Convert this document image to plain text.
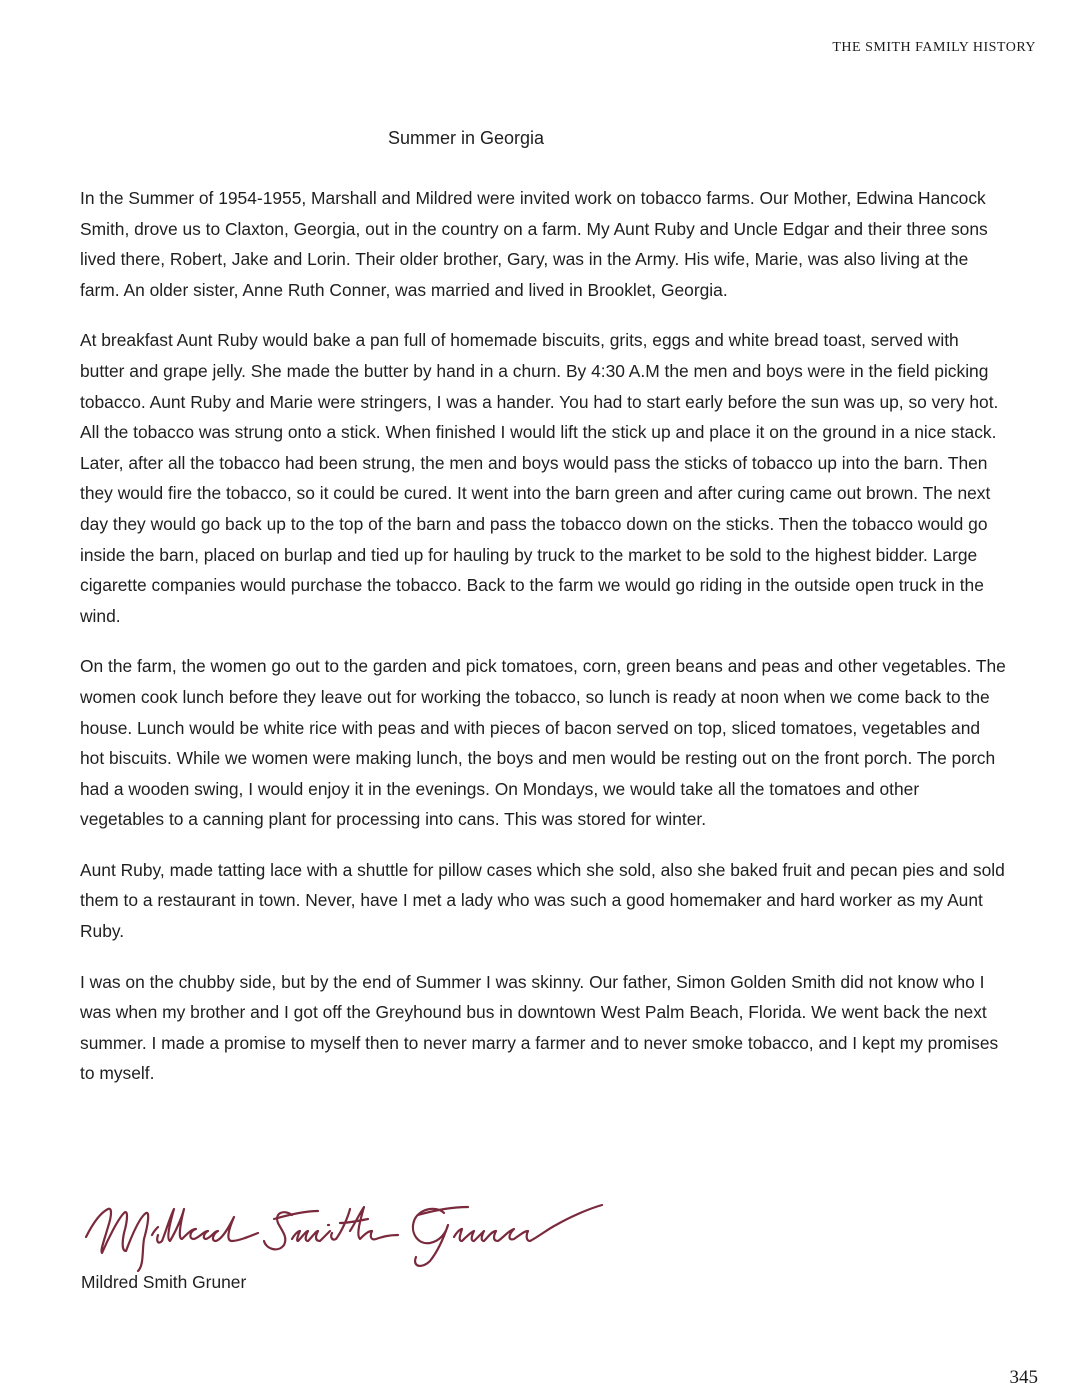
THE SMITH FAMILY HISTORY
Summer in Georgia

In the Summer of 1954-1955, Marshall and Mildred were invited work on tobacco farms. Our Mother, Edwina Hancock Smith, drove us to Claxton, Georgia, out in the country on a farm. My Aunt Ruby and Uncle Edgar and their three sons lived there, Robert, Jake and Lorin. Their older brother, Gary, was in the Army. His wife, Marie, was also living at the farm. An older sister, Anne Ruth Conner, was married and lived in Brooklet, Georgia.

At breakfast Aunt Ruby would bake a pan full of homemade biscuits, grits, eggs and white bread toast, served with butter and grape jelly. She made the butter by hand in a churn. By 4:30 A.M the men and boys were in the field picking tobacco. Aunt Ruby and Marie were stringers, I was a hander. You had to start early before the sun was up, so very hot. All the tobacco was strung onto a stick. When finished I would lift the stick up and place it on the ground in a nice stack. Later, after all the tobacco had been strung, the men and boys would pass the sticks of tobacco up into the barn. Then they would fire the tobacco, so it could be cured. It went into the barn green and after curing came out brown. The next day they would go back up to the top of the barn and pass the tobacco down on the sticks. Then the tobacco would go inside the barn, placed on burlap and tied up for hauling by truck to the market to be sold to the highest bidder. Large cigarette companies would purchase the tobacco. Back to the farm we would go riding in the outside open truck in the wind.

On the farm, the women go out to the garden and pick tomatoes, corn, green beans and peas and other vegetables. The women cook lunch before they leave out for working the tobacco, so lunch is ready at noon when we come back to the house. Lunch would be white rice with peas and with pieces of bacon served on top, sliced tomatoes, vegetables and hot biscuits. While we women were making lunch, the boys and men would be resting out on the front porch. The porch had a wooden swing, I would enjoy it in the evenings. On Mondays, we would take all the tomatoes and other vegetables to a canning plant for processing into cans. This was stored for winter.

Aunt Ruby, made tatting lace with a shuttle for pillow cases which she sold, also she baked fruit and pecan pies and sold them to a restaurant in town. Never, have I met a lady who was such a good homemaker and hard worker as my Aunt Ruby.

I was on the chubby side, but by the end of Summer I was skinny. Our father, Simon Golden Smith did not know who I was when my brother and I got off the Greyhound bus in downtown West Palm Beach, Florida. We went back the next summer. I made a promise to myself then to never marry a farmer and to never smoke tobacco, and I kept my promises to myself.

Mildred Smith Gruner
345
